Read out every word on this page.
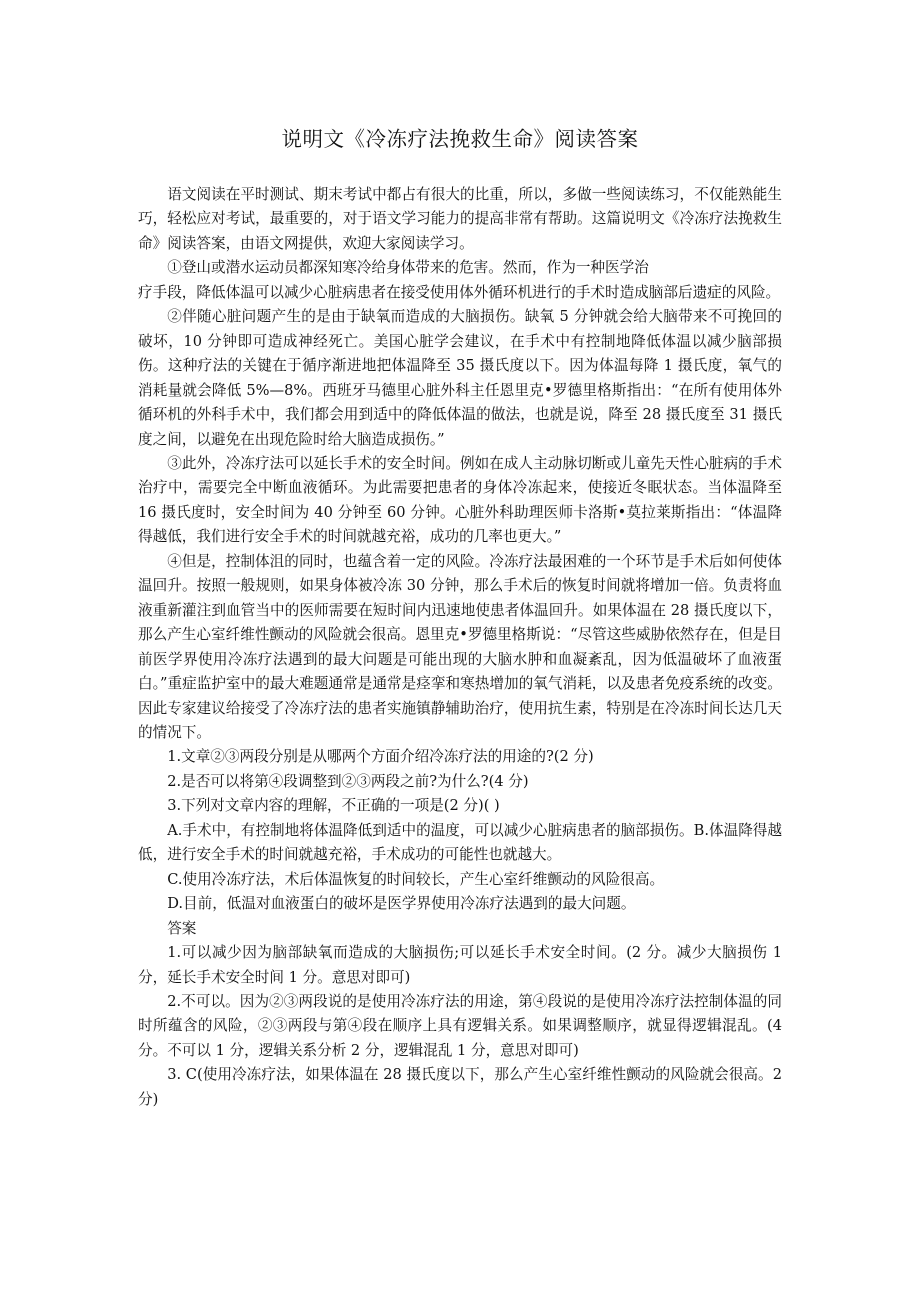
说明文《冷冻疗法挽救生命》阅读答案

语文阅读在平时测试、期末考试中都占有很大的比重，所以，多做一些阅读练习，不仅能熟能生巧，轻松应对考试，最重要的，对于语文学习能力的提高非常有帮助。这篇说明文《冷冻疗法挽救生命》阅读答案，由语文网提供，欢迎大家阅读学习。

①登山或潜水运动员都深知寒冷给身体带来的危害。然而，作为一种医学治

疗手段，降低体温可以减少心脏病患者在接受使用体外循环机进行的手术时造成脑部后遗症的风险。

②伴随心脏问题产生的是由于缺氧而造成的大脑损伤。缺氧 5 分钟就会给大脑带来不可挽回的破坏，10 分钟即可造成神经死亡。美国心脏学会建议，在手术中有控制地降低体温以减少脑部损伤。这种疗法的关键在于循序渐进地把体温降至 35 摄氏度以下。因为体温每降 1 摄氏度，氧气的消耗量就会降低 5%—8%。西班牙马德里心脏外科主任恩里克•罗德里格斯指出：“在所有使用体外循环机的外科手术中，我们都会用到适中的降低体温的做法，也就是说，降至 28 摄氏度至 31 摄氏度之间，以避免在出现危险时给大脑造成损伤。”

③此外，冷冻疗法可以延长手术的安全时间。例如在成人主动脉切断或儿童先天性心脏病的手术治疗中，需要完全中断血液循环。为此需要把患者的身体冷冻起来，使接近冬眠状态。当体温降至 16 摄氏度时，安全时间为 40 分钟至 60 分钟。心脏外科助理医师卡洛斯•莫拉莱斯指出：“体温降得越低，我们进行安全手术的时间就越充裕，成功的几率也更大。”

④但是，控制体沮的同时，也蕴含着一定的风险。冷冻疗法最困难的一个环节是手术后如何使体温回升。按照一般规则，如果身体被冷冻 30 分钟，那么手术后的恢复时间就将增加一倍。负责将血液重新灌注到血管当中的医师需要在短时间内迅速地使患者体温回升。如果体温在 28 摄氏度以下，那么产生心室纤维性颤动的风险就会很高。恩里克•罗德里格斯说：“尽管这些威胁依然存在，但是目前医学界使用冷冻疗法遇到的最大问题是可能出现的大脑水肿和血凝紊乱，因为低温破坏了血液蛋白。”重症监护室中的最大难题通常是通常是痉挛和寒热增加的氧气消耗，以及患者免疫系统的改变。因此专家建议给接受了冷冻疗法的患者实施镇静辅助治疗，使用抗生素，特别是在冷冻时间长达几天的情况下。

1.文章②③两段分别是从哪两个方面介绍冷冻疗法的用途的?(2 分)

2.是否可以将第④段调整到②③两段之前?为什么?(4 分)

3.下列对文章内容的理解，不正确的一项是(2 分)( )

A.手术中，有控制地将体温降低到适中的温度，可以减少心脏病患者的脑部损伤。B.体温降得越低，进行安全手术的时间就越充裕，手术成功的可能性也就越大。

C.使用冷冻疗法，术后体温恢复的时间较长，产生心室纤维颤动的风险很高。

D.目前，低温对血液蛋白的破坏是医学界使用冷冻疗法遇到的最大问题。

答案

1.可以减少因为脑部缺氧而造成的大脑损伤;可以延长手术安全时间。(2 分。减少大脑损伤 1 分，延长手术安全时间 1 分。意思对即可)

2.不可以。因为②③两段说的是使用冷冻疗法的用途，第④段说的是使用冷冻疗法控制体温的同时所蕴含的风险，②③两段与第④段在顺序上具有逻辑关系。如果调整顺序，就显得逻辑混乱。(4 分。不可以 1 分，逻辑关系分析 2 分，逻辑混乱 1 分，意思对即可)

3. C(使用冷冻疗法，如果体温在 28 摄氏度以下，那么产生心室纤维性颤动的风险就会很高。2 分)
